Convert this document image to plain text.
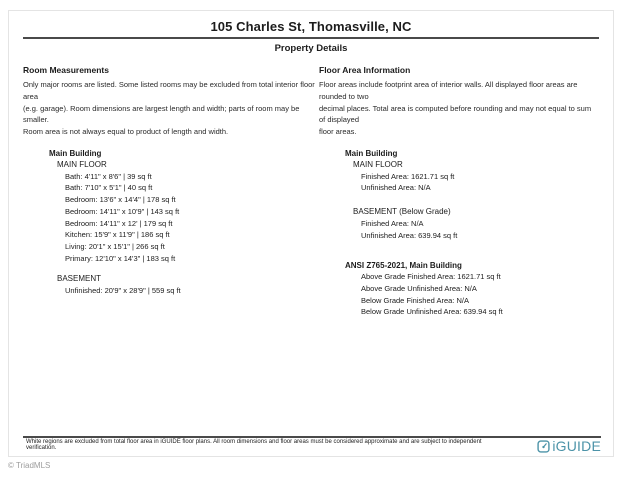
105 Charles St, Thomasville, NC
Property Details
Room Measurements
Only major rooms are listed. Some listed rooms may be excluded from total interior floor area
(e.g. garage). Room dimensions are largest length and width; parts of room may be smaller.
Room area is not always equal to product of length and width.
Main Building
MAIN FLOOR
Bath: 4'11" x 8'6" | 39 sq ft
Bath: 7'10" x 5'1" | 40 sq ft
Bedroom: 13'6" x 14'4" | 178 sq ft
Bedroom: 14'11" x 10'9" | 143 sq ft
Bedroom: 14'11" x 12' | 179 sq ft
Kitchen: 15'9" x 11'9" | 186 sq ft
Living: 20'1" x 15'1" | 266 sq ft
Primary: 12'10" x 14'3" | 183 sq ft
BASEMENT
Unfinished: 20'9" x 28'9" | 559 sq ft
Floor Area Information
Floor areas include footprint area of interior walls. All displayed floor areas are rounded to two
decimal places. Total area is computed before rounding and may not equal to sum of displayed
floor areas.
Main Building
MAIN FLOOR
Finished Area: 1621.71 sq ft
Unfinished Area: N/A
BASEMENT (Below Grade)
Finished Area: N/A
Unfinished Area: 639.94 sq ft
ANSI Z765-2021, Main Building
Above Grade Finished Area: 1621.71 sq ft
Above Grade Unfinished Area: N/A
Below Grade Finished Area: N/A
Below Grade Unfinished Area: 639.94 sq ft
White regions are excluded from total floor area in iGUIDE floor plans. All room dimensions and floor areas must be considered approximate and are subject to independent verification.	iGUIDE
© TriadMLS
